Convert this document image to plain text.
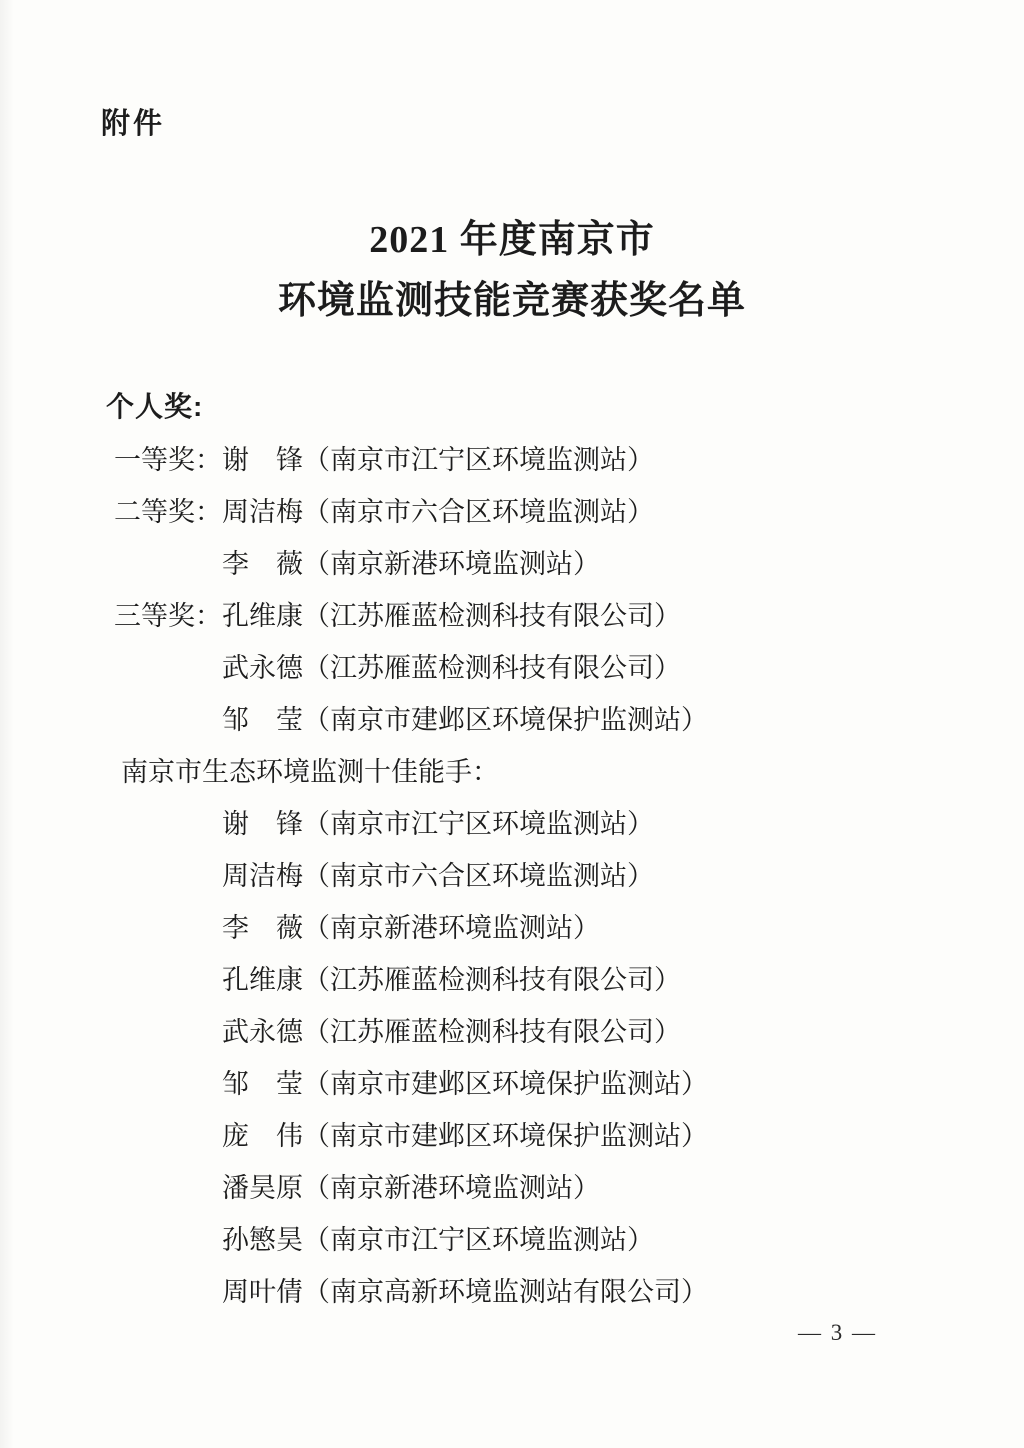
附件
2021 年度南京市
环境监测技能竞赛获奖名单
个人奖:
一等奖：谢　锋（南京市江宁区环境监测站）
二等奖：周洁梅（南京市六合区环境监测站）
李　薇（南京新港环境监测站）
三等奖：孔维康（江苏雁蓝检测科技有限公司）
武永德（江苏雁蓝检测科技有限公司）
邹　莹（南京市建邺区环境保护监测站）
南京市生态环境监测十佳能手：
谢　锋（南京市江宁区环境监测站）
周洁梅（南京市六合区环境监测站）
李　薇（南京新港环境监测站）
孔维康（江苏雁蓝检测科技有限公司）
武永德（江苏雁蓝检测科技有限公司）
邹　莹（南京市建邺区环境保护监测站）
庞　伟（南京市建邺区环境保护监测站）
潘昊原（南京新港环境监测站）
孙慜昊（南京市江宁区环境监测站）
周叶倩（南京高新环境监测站有限公司）
— 3 —
